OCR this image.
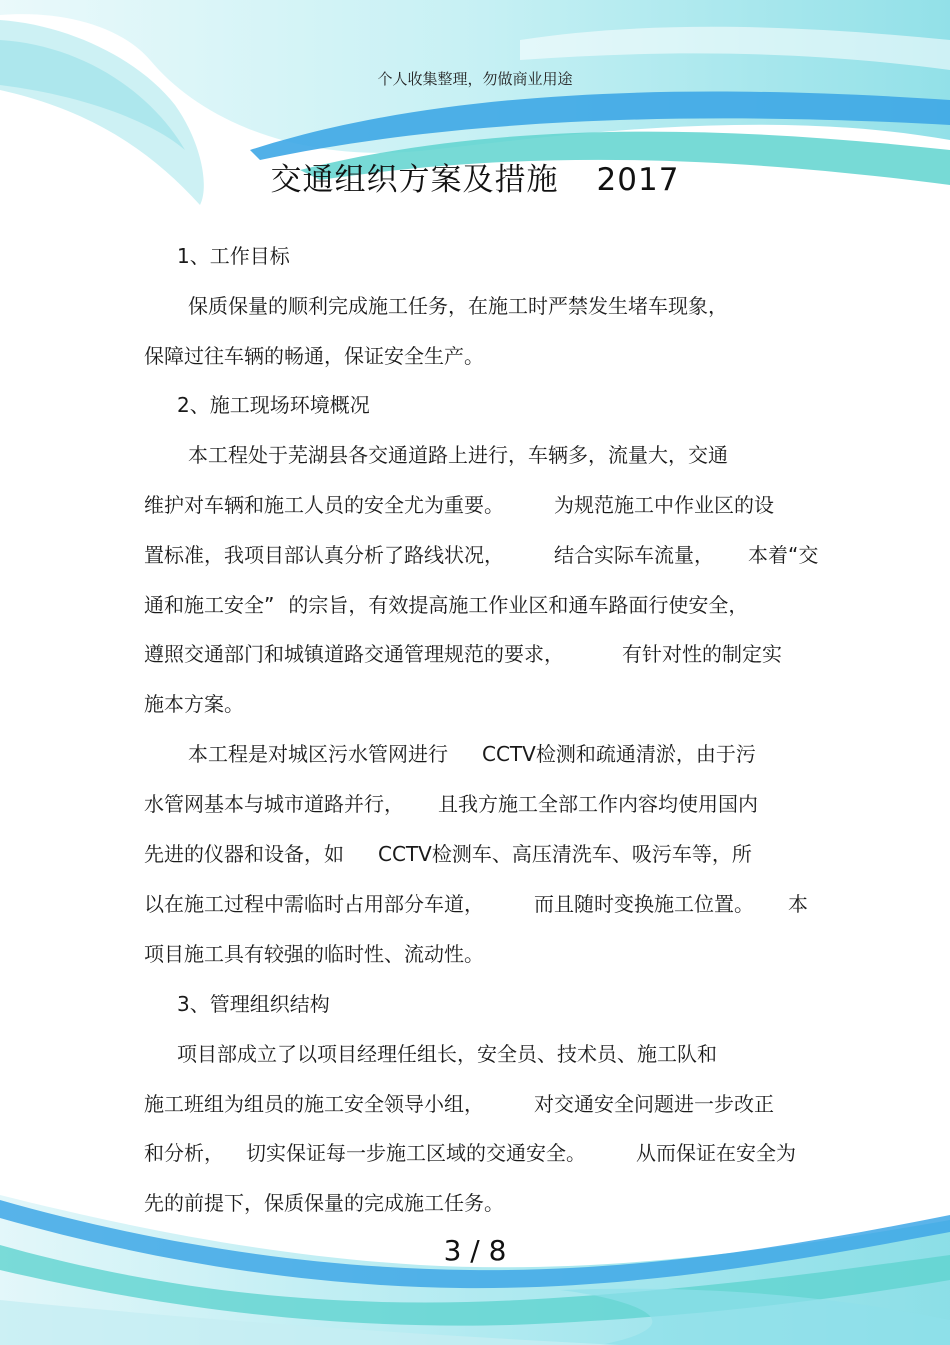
个人收集整理，勿做商业用途
交通组织方案及措施 2017
1、工作目标
保质保量的顺利完成施工任务，在施工时严禁发生堵车现象，
保障过往车辆的畅通，保证安全生产。
2、施工现场环境概况
本工程处于芜湖县各交通道路上进行，车辆多，流量大，交通
维护对车辆和施工人员的安全尤为重要。	为规范施工中作业区的设
置标准，我项目部认真分析了路线状况，	结合实际车流量， 本着“交
通和施工安全” 的宗旨，有效提高施工作业区和通车路面行使安全，
遵照交通部门和城镇道路交通管理规范的要求，	有针对性的制定实
施本方案。
本工程是对城区污水管网进行 CCTV检测和疏通清淤，由于污
水管网基本与城市道路并行， 且我方施工全部工作内容均使用国内
先进的仪器和设备，如 CCTV检测车、高压清洗车、吸污车等，所
以在施工过程中需临时占用部分车道，	而且随时变换施工位置。 本
项目施工具有较强的临时性、流动性。
3、管理组织结构
项目部成立了以项目经理任组长，安全员、技术员、施工队和
施工班组为组员的施工安全领导小组，	对交通安全问题进一步改正
和分析， 切实保证每一步施工区域的交通安全。	从而保证在安全为
先的前提下，保质保量的完成施工任务。
3 / 8
